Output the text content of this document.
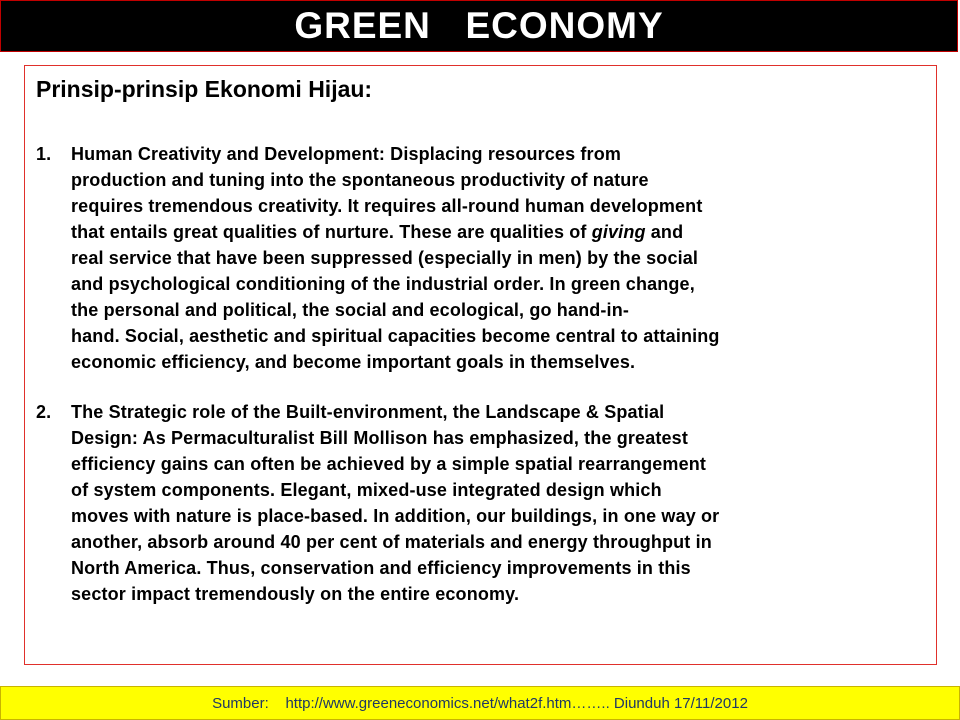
GREEN  ECONOMY
Prinsip-prinsip Ekonomi Hijau:
1. Human Creativity and Development: Displacing resources from
production and tuning into the spontaneous productivity of nature
requires tremendous creativity. It requires all-round human development
that entails great qualities of nurture. These are qualities of giving and
real service that have been suppressed (especially in men) by the social
and psychological conditioning of the industrial order. In green change,
the personal and political, the social and ecological, go hand-in-
hand. Social, aesthetic and spiritual capacities become central to attaining
economic efficiency, and become important goals in themselves.
2. The Strategic role of the Built-environment, the Landscape & Spatial
Design: As Permaculturalist Bill Mollison has emphasized, the greatest
efficiency gains can often be achieved by a simple spatial rearrangement
of system components. Elegant, mixed-use integrated design which
moves with nature is place-based. In addition, our buildings, in one way or
another, absorb around 40 per cent of materials and energy throughput in
North America. Thus, conservation and efficiency improvements in this
sector impact tremendously on the entire economy.
Sumber:    http://www.greeneconomics.net/what2f.htm…….. Diunduh 17/11/2012
